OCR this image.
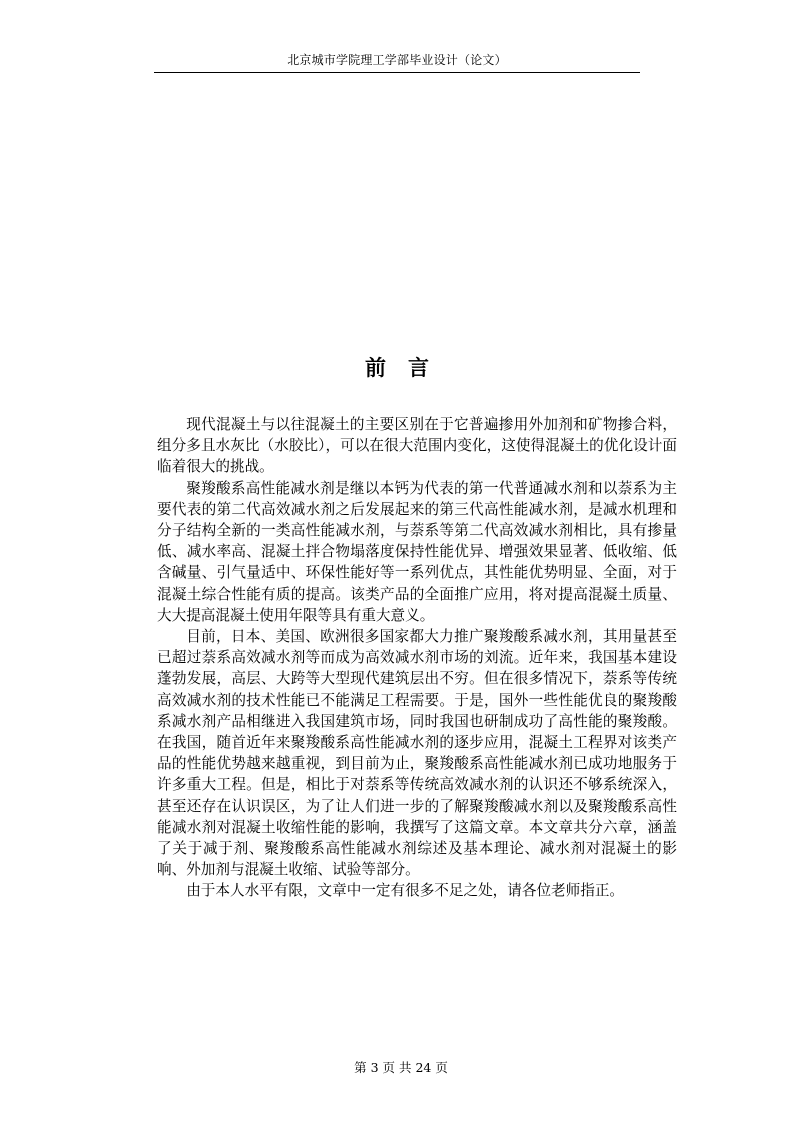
北京城市学院理工学部毕业设计（论文）
前言

现代混凝土与以往混凝土的主要区别在于它普遍掺用外加剂和矿物掺合料，组分多且水灰比（水胶比），可以在很大范围内变化，这使得混凝土的优化设计面临着很大的挑战。

聚羧酸系高性能减水剂是继以本钙为代表的第一代普通减水剂和以萘系为主要代表的第二代高效减水剂之后发展起来的第三代高性能减水剂，是减水机理和分子结构全新的一类高性能减水剂，与萘系等第二代高效减水剂相比，具有掺量低、减水率高、混凝土拌合物塌落度保持性能优异、增强效果显著、低收缩、低含碱量、引气量适中、环保性能好等一系列优点，其性能优势明显、全面，对于混凝土综合性能有质的提高。该类产品的全面推广应用，将对提高混凝土质量、大大提高混凝土使用年限等具有重大意义。

目前，日本、美国、欧洲很多国家都大力推广聚羧酸系减水剂，其用量甚至已超过萘系高效减水剂等而成为高效减水剂市场的刘流。近年来，我国基本建设蓬勃发展，高层、大跨等大型现代建筑层出不穷。但在很多情况下，萘系等传统高效减水剂的技术性能已不能满足工程需要。于是，国外一些性能优良的聚羧酸系减水剂产品相继进入我国建筑市场，同时我国也研制成功了高性能的聚羧酸。在我国，随首近年来聚羧酸系高性能减水剂的逐步应用，混凝土工程界对该类产品的性能优势越来越重视，到目前为止，聚羧酸系高性能减水剂已成功地服务于许多重大工程。但是，相比于对萘系等传统高效减水剂的认识还不够系统深入，甚至还存在认识误区，为了让人们进一步的了解聚羧酸减水剂以及聚羧酸系高性能减水剂对混凝土收缩性能的影响，我撰写了这篇文章。本文章共分六章，涵盖了关于减于剂、聚羧酸系高性能减水剂综述及基本理论、减水剂对混凝土的影响、外加剂与混凝土收缩、试验等部分。

由于本人水平有限，文章中一定有很多不足之处，请各位老师指正。

第 3 页 共 24 页
